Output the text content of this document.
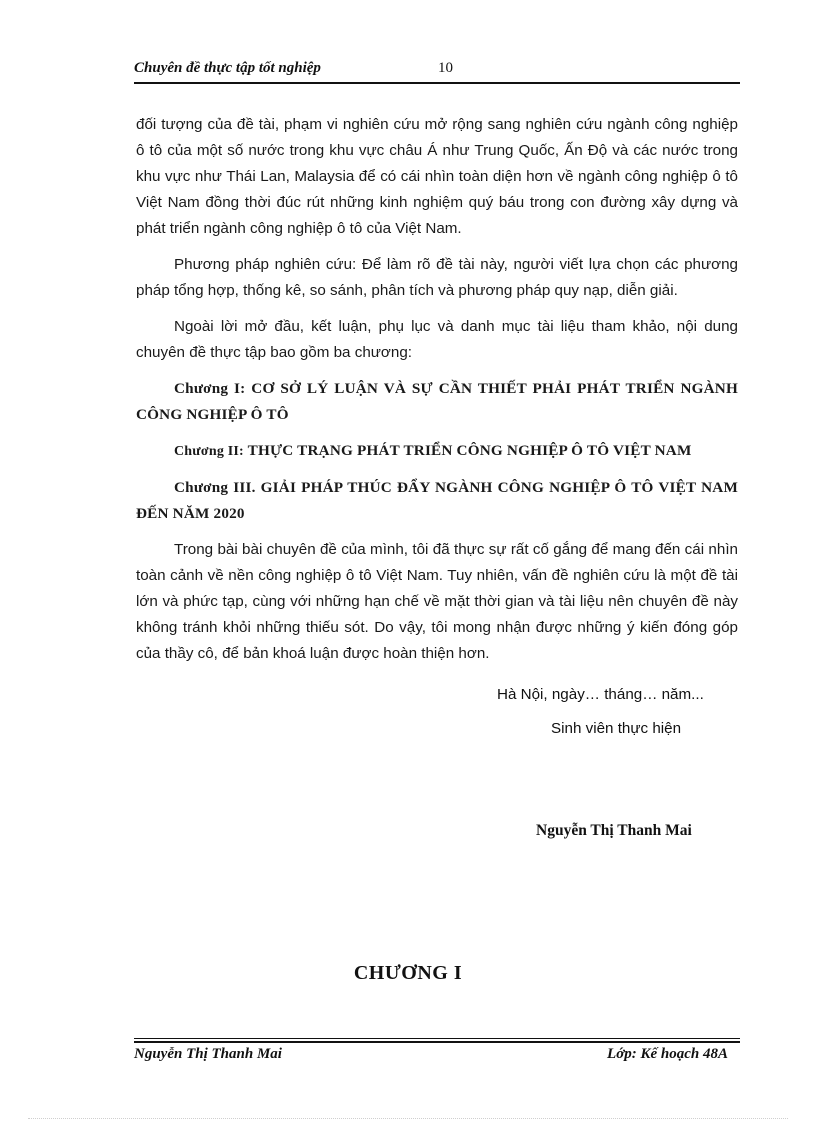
Chuyên đề thực tập tốt nghiệp	10

đối tượng của đề tài, phạm vi nghiên cứu mở rộng sang nghiên cứu ngành công nghiệp ô tô của một số nước trong khu vực châu Á như Trung Quốc, Ấn Độ và các nước trong khu vực như Thái Lan, Malaysia để có cái nhìn toàn diện hơn về ngành công nghiệp ô tô Việt Nam đồng thời đúc rút những kinh nghiệm quý báu trong con đường xây dựng và phát triển ngành công nghiệp ô tô của Việt Nam.

Phương pháp nghiên cứu: Để làm rõ đề tài này, người viết lựa chọn các phương pháp tổng hợp, thống kê, so sánh, phân tích và phương pháp quy nạp, diễn giải.

Ngoài lời mở đầu, kết luận, phụ lục và danh mục tài liệu tham khảo, nội dung chuyên đề thực tập bao gồm ba chương:

Chương I: CƠ SỞ LÝ LUẬN VÀ SỰ CẦN THIẾT PHẢI PHÁT TRIỂN NGÀNH CÔNG NGHIỆP Ô TÔ

Chương II: THỰC TRẠNG PHÁT TRIỂN CÔNG NGHIỆP Ô TÔ VIỆT NAM

Chương III. GIẢI PHÁP THÚC ĐẨY NGÀNH CÔNG NGHIỆP Ô TÔ VIỆT NAM ĐẾN NĂM 2020

Trong bài bài chuyên đề của mình, tôi đã thực sự rất cố gắng để mang đến cái nhìn toàn cảnh về nền công nghiệp ô tô Việt Nam. Tuy nhiên, vấn đề nghiên cứu là một đề tài lớn và phức tạp, cùng với những hạn chế về mặt thời gian và tài liệu nên chuyên đề này không tránh khỏi những thiếu sót. Do vậy, tôi mong nhận được những ý kiến đóng góp của thầy cô, để bản khoá luận được hoàn thiện hơn.

Hà Nội, ngày… tháng… năm...
Sinh viên thực hiện
Nguyễn Thị Thanh Mai
CHƯƠNG I
Nguyễn Thị Thanh Mai	Lớp: Kế hoạch 48A
